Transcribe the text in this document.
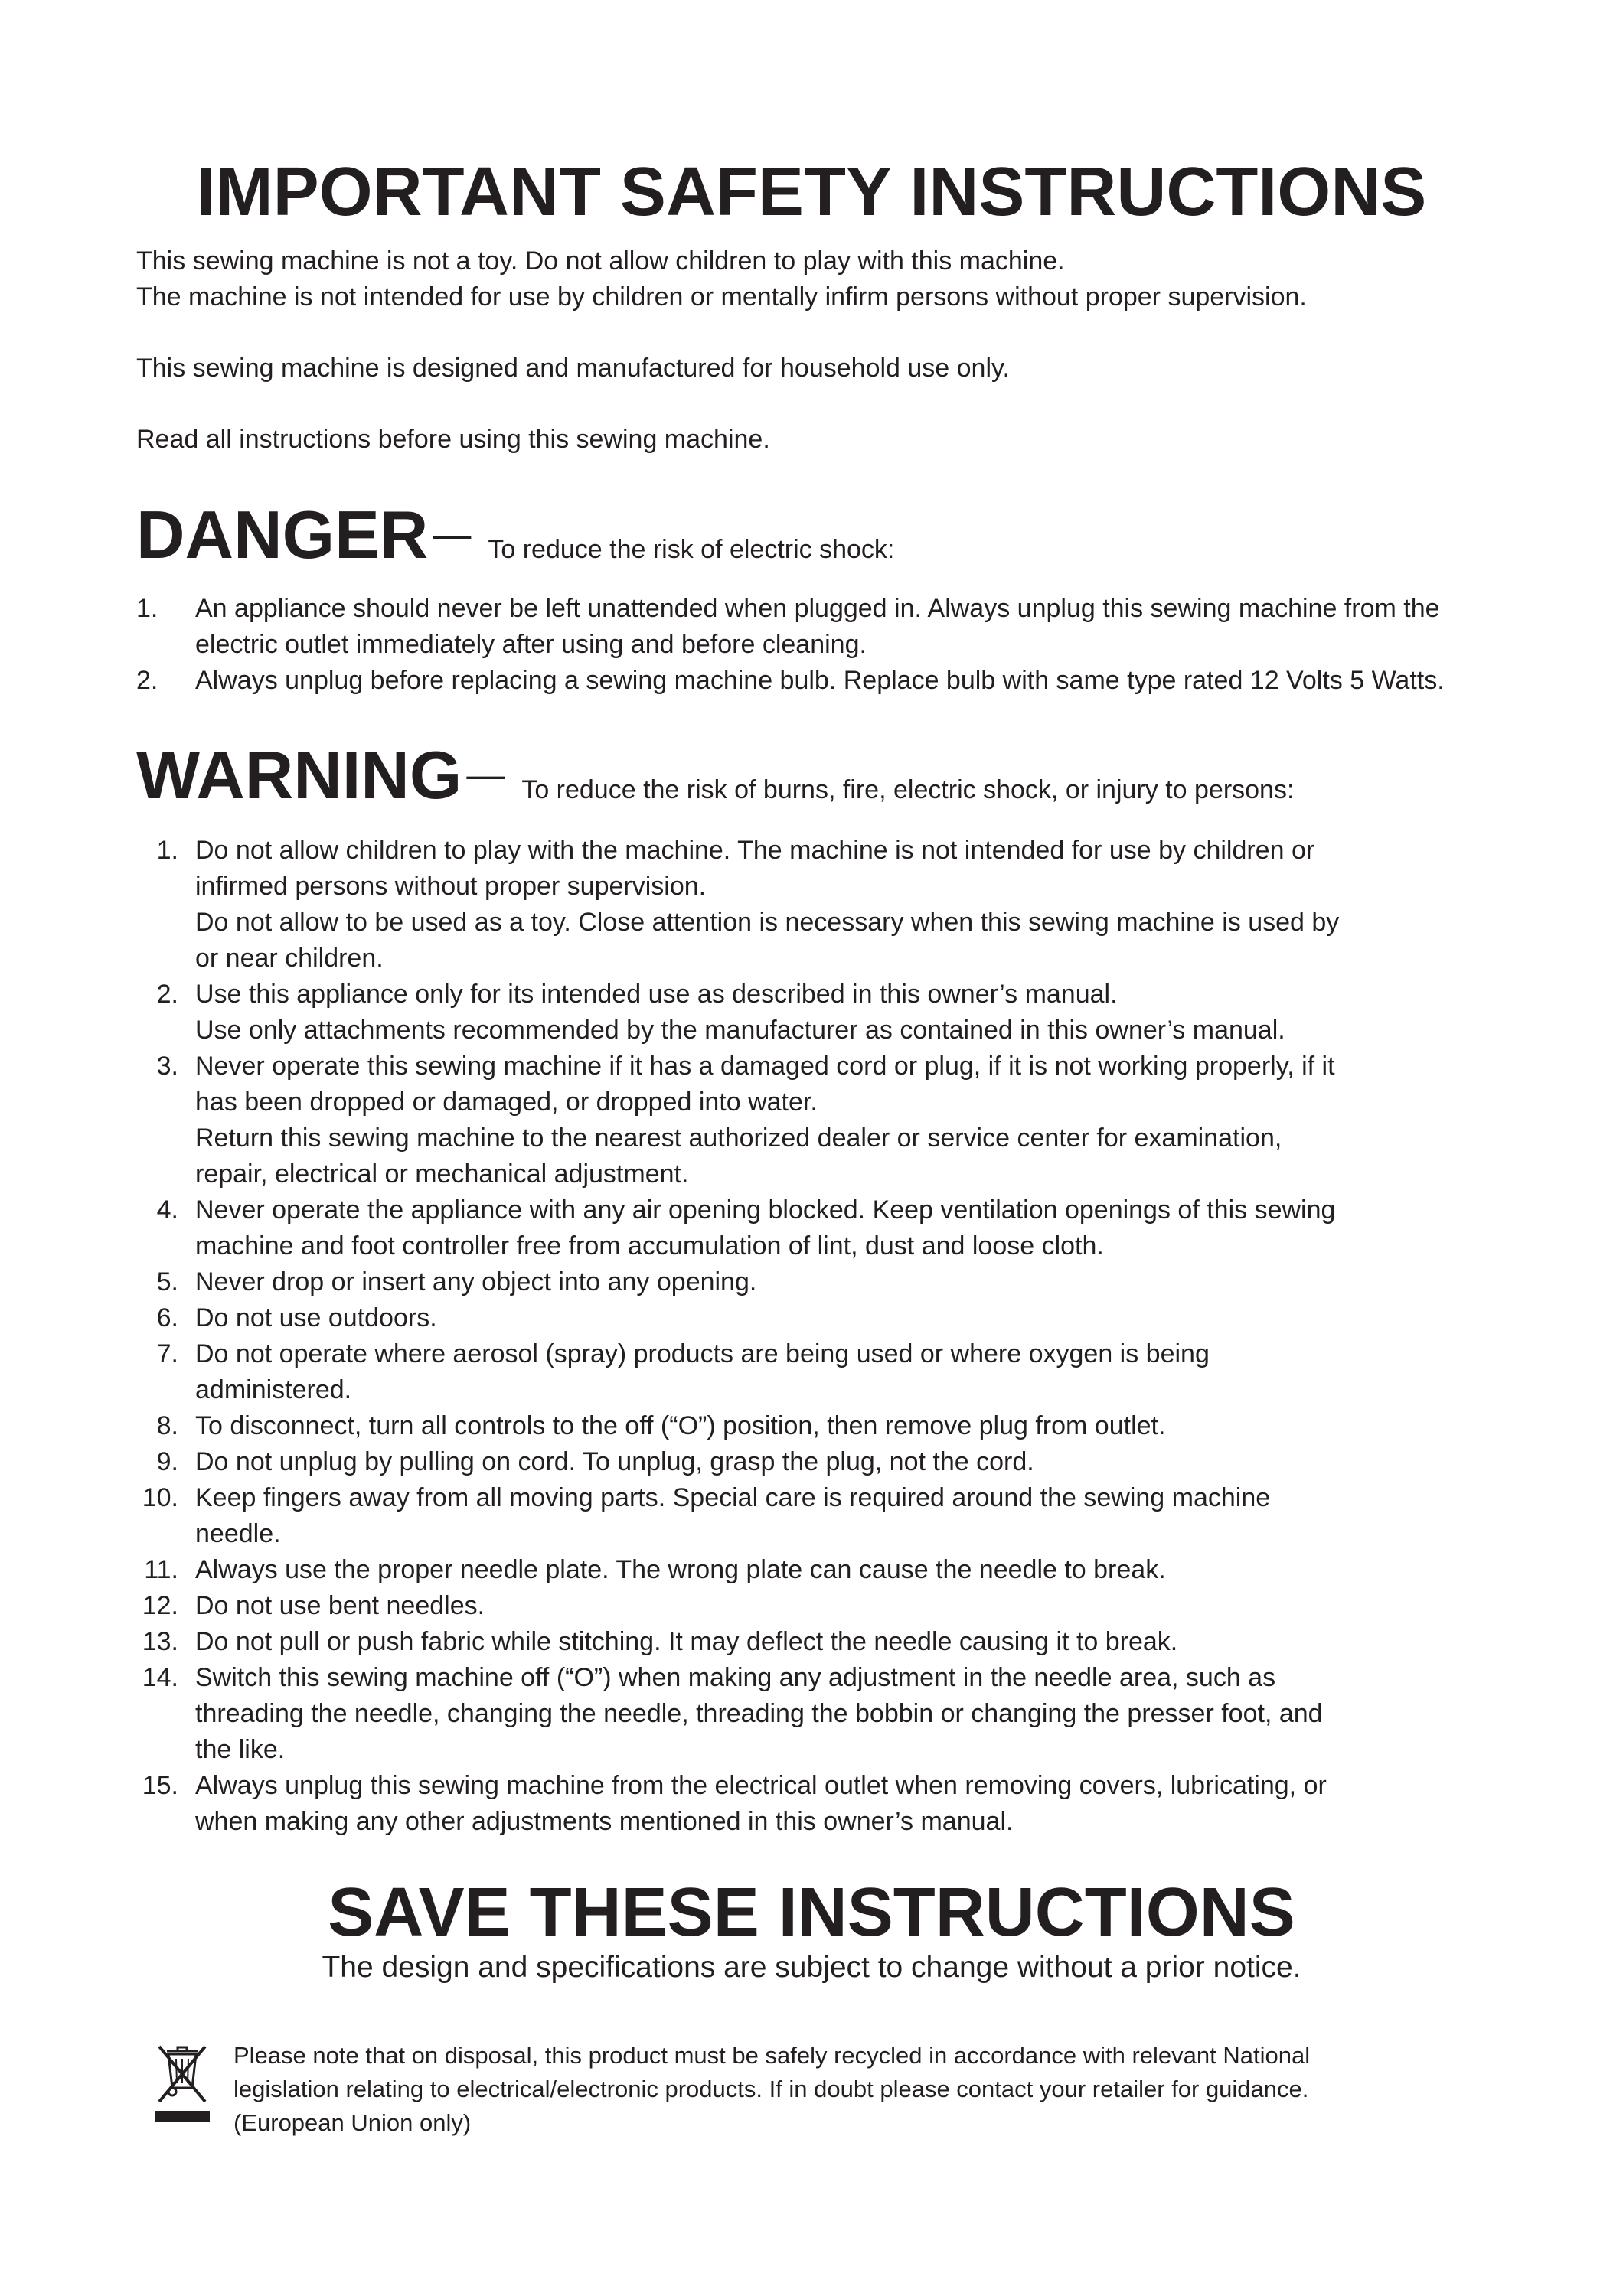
IMPORTANT SAFETY INSTRUCTIONS

This sewing machine is not a toy. Do not allow children to play with this machine.

The machine is not intended for use by children or mentally infirm persons without proper supervision.

This sewing machine is designed and manufactured for household use only.

Read all instructions before using this sewing machine.

DANGER — To reduce the risk of electric shock:
1.	An appliance should never be left unattended when plugged in. Always unplug this sewing machine from the
electric outlet immediately after using and before cleaning.
2.	Always unplug before replacing a sewing machine bulb. Replace bulb with same type rated 12 Volts 5 Watts.
WARNING — To reduce the risk of burns, fire, electric shock, or injury to persons:
1. Do not allow children to play with the machine. The machine is not intended for use by children or
infirmed persons without proper supervision.
Do not allow to be used as a toy. Close attention is necessary when this sewing machine is used by
or near children.
2. Use this appliance only for its intended use as described in this owner’s manual.
Use only attachments recommended by the manufacturer as contained in this owner’s manual.
3. Never operate this sewing machine if it has a damaged cord or plug, if it is not working properly, if it
has been dropped or damaged, or dropped into water.
Return this sewing machine to the nearest authorized dealer or service center for examination,
repair, electrical or mechanical adjustment.
4. Never operate the appliance with any air opening blocked. Keep ventilation openings of this sewing
machine and foot controller free from accumulation of lint, dust and loose cloth.
5. Never drop or insert any object into any opening.
6. Do not use outdoors.
7. Do not operate where aerosol (spray) products are being used or where oxygen is being
administered.
8. To disconnect, turn all controls to the off (“O”) position, then remove plug from outlet.
9. Do not unplug by pulling on cord. To unplug, grasp the plug, not the cord.
10. Keep fingers away from all moving parts. Special care is required around the sewing machine
needle.
11. Always use the proper needle plate. The wrong plate can cause the needle to break.
12. Do not use bent needles.
13. Do not pull or push fabric while stitching. It may deflect the needle causing it to break.
14. Switch this sewing machine off (“O”) when making any adjustment in the needle area, such as
threading the needle, changing the needle, threading the bobbin or changing the presser foot, and
the like.
15. Always unplug this sewing machine from the electrical outlet when removing covers, lubricating, or
when making any other adjustments mentioned in this owner’s manual.
SAVE THESE INSTRUCTIONS

The design and specifications are subject to change without a prior notice.

Please note that on disposal, this product must be safely recycled in accordance with relevant National
legislation relating to electrical/electronic products. If in doubt please contact your retailer for guidance.
(European Union only)
